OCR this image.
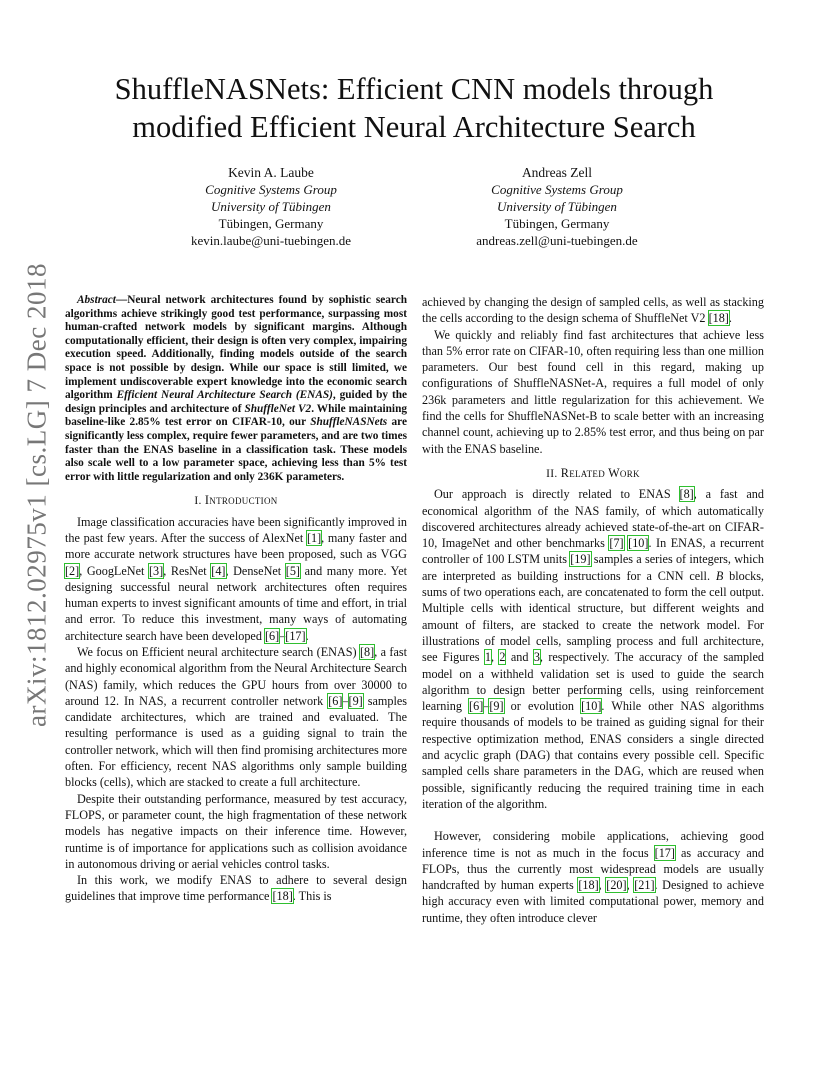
arXiv:1812.02975v1 [cs.LG] 7 Dec 2018
ShuffleNASNets: Efficient CNN models through modified Efficient Neural Architecture Search
Kevin A. Laube
Cognitive Systems Group
University of Tübingen
Tübingen, Germany
kevin.laube@uni-tuebingen.de
Andreas Zell
Cognitive Systems Group
University of Tübingen
Tübingen, Germany
andreas.zell@uni-tuebingen.de

Abstract—Neural network architectures found by sophistic search algorithms achieve strikingly good test performance, surpassing most human-crafted network models by significant margins. Although computationally efficient, their design is often very complex, impairing execution speed. Additionally, finding models outside of the search space is not possible by design. While our space is still limited, we implement undiscoverable expert knowledge into the economic search algorithm Efficient Neural Architecture Search (ENAS), guided by the design principles and architecture of ShuffleNet V2. While maintaining baseline-like 2.85% test error on CIFAR-10, our ShuffleNASNets are significantly less complex, require fewer parameters, and are two times faster than the ENAS baseline in a classification task. These models also scale well to a low parameter space, achieving less than 5% test error with little regularization and only 236K parameters.

I. Introduction

Image classification accuracies have been significantly improved in the past few years. After the success of AlexNet [1], many faster and more accurate network structures have been proposed, such as VGG [2], GoogLeNet [3], ResNet [4], DenseNet [5] and many more. Yet designing successful neural network architectures often requires human experts to invest significant amounts of time and effort, in trial and error. To reduce this investment, many ways of automating architecture search have been developed [6]–[17].

We focus on Efficient neural architecture search (ENAS) [8], a fast and highly economical algorithm from the Neural Architecture Search (NAS) family, which reduces the GPU hours from over 30000 to around 12. In NAS, a recurrent controller network [6]–[9] samples candidate architectures, which are trained and evaluated. The resulting performance is used as a guiding signal to train the controller network, which will then find promising architectures more often. For efficiency, recent NAS algorithms only sample building blocks (cells), which are stacked to create a full architecture.

Despite their outstanding performance, measured by test accuracy, FLOPS, or parameter count, the high fragmentation of these network models has negative impacts on their inference time. However, runtime is of importance for applications such as collision avoidance in autonomous driving or aerial vehicles control tasks.

In this work, we modify ENAS to adhere to several design guidelines that improve time performance [18]. This is

achieved by changing the design of sampled cells, as well as stacking the cells according to the design schema of ShuffleNet V2 [18].

We quickly and reliably find fast architectures that achieve less than 5% error rate on CIFAR-10, often requiring less than one million parameters. Our best found cell in this regard, making up configurations of ShuffleNASNet-A, requires a full model of only 236k parameters and little regularization for this achievement. We find the cells for ShuffleNASNet-B to scale better with an increasing channel count, achieving up to 2.85% test error, and thus being on par with the ENAS baseline.

II. Related Work

Our approach is directly related to ENAS [8], a fast and economical algorithm of the NAS family, of which automatically discovered architectures already achieved state-of-the-art on CIFAR-10, ImageNet and other benchmarks [7] [10]. In ENAS, a recurrent controller of 100 LSTM units [19] samples a series of integers, which are interpreted as building instructions for a CNN cell. B blocks, sums of two operations each, are concatenated to form the cell output. Multiple cells with identical structure, but different weights and amount of filters, are stacked to create the network model. For illustrations of model cells, sampling process and full architecture, see Figures 1, 2 and 3, respectively. The accuracy of the sampled model on a withheld validation set is used to guide the search algorithm to design better performing cells, using reinforcement learning [6]–[9] or evolution [10]. While other NAS algorithms require thousands of models to be trained as guiding signal for their respective optimization method, ENAS considers a single directed and acyclic graph (DAG) that contains every possible cell. Specific sampled cells share parameters in the DAG, which are reused when possible, significantly reducing the required training time in each iteration of the algorithm.

However, considering mobile applications, achieving good inference time is not as much in the focus [17] as accuracy and FLOPs, thus the currently most widespread models are usually handcrafted by human experts [18], [20], [21]. Designed to achieve high accuracy even with limited computational power, memory and runtime, they often introduce clever
